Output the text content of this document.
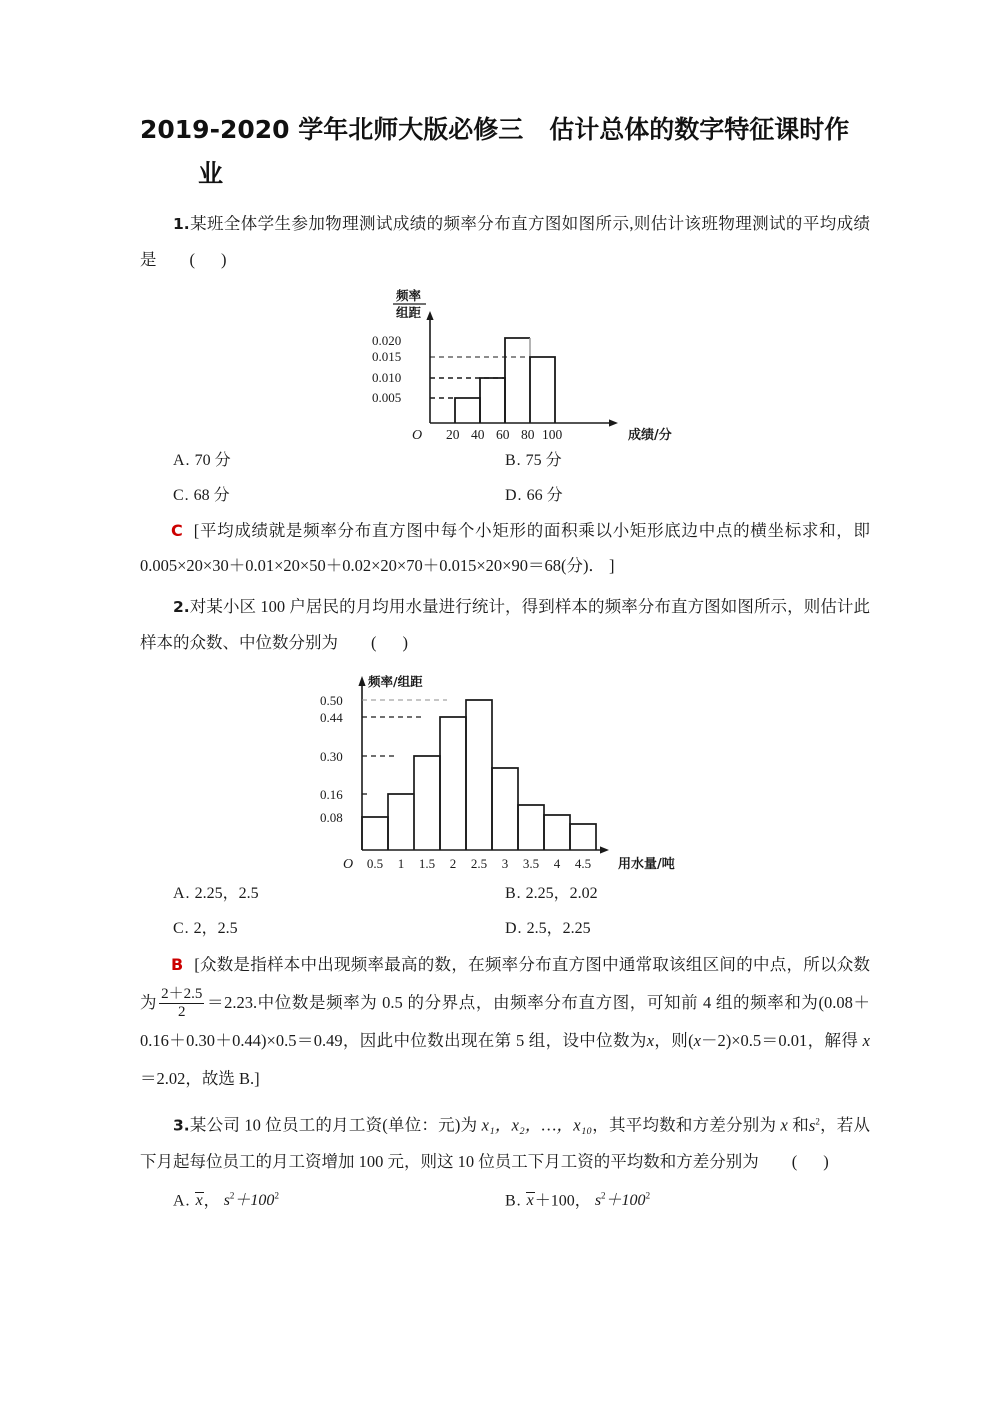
2019-2020 学年北师大版必修三 估计总体的数字特征课时作业

1.某班全体学生参加物理测试成绩的频率分布直方图如图所示,则估计该班物理测试的平均成绩是(  )

频率
组距
0.020
0.015
0.010
0.005
O 20 40 60 80 100	成绩/分
A. 70 分	B. 75 分
C. 68 分	D. 66 分

C [平均成绩就是频率分布直方图中每个小矩形的面积乘以小矩形底边中点的横坐标求和，即 0.005×20×30＋0.01×20×50＋0.02×20×70＋0.015×20×90＝68(分)． ]

2.对某小区 100 户居民的月均用水量进行统计，得到样本的频率分布直方图如图所示，则估计此样本的众数、中位数分别为(  )

频率/组距
0.50
0.44
0.30
0.16
0.08
O 0.5 1 1.5 2 2.5 3 3.5 4 4.5 用水量/吨
A. 2.25，2.5	B. 2.25，2.02
C. 2，2.5	D. 2.5，2.25

B [众数是指样本中出现频率最高的数，在频率分布直方图中通常取该组区间的中点，所以众数为 $\frac{2+2.5}{2} =2.23$.中位数是频率为 0.5 的分界点，由频率分布直方图，可知前 4 组的频率和为(0.08＋0.16＋0.30＋0.44)×0.5＝0.49，因此中位数出现在第 5 组，设中位数为x，则(x－2)×0.5＝0.01，解得 x＝2.02，故选 B.]

3.某公司 10 位员工的月工资(单位：元)为 x₁，x₂，…，x₁₀，其平均数和方差分别为 x 和$s^2$，若从下月起每位员工的月工资增加 100 元，则这 10 位员工下月工资的平均数和方差分别为(  )

A. x， $s^2+100^2$	B. x＋100， $s^2+100^2$
